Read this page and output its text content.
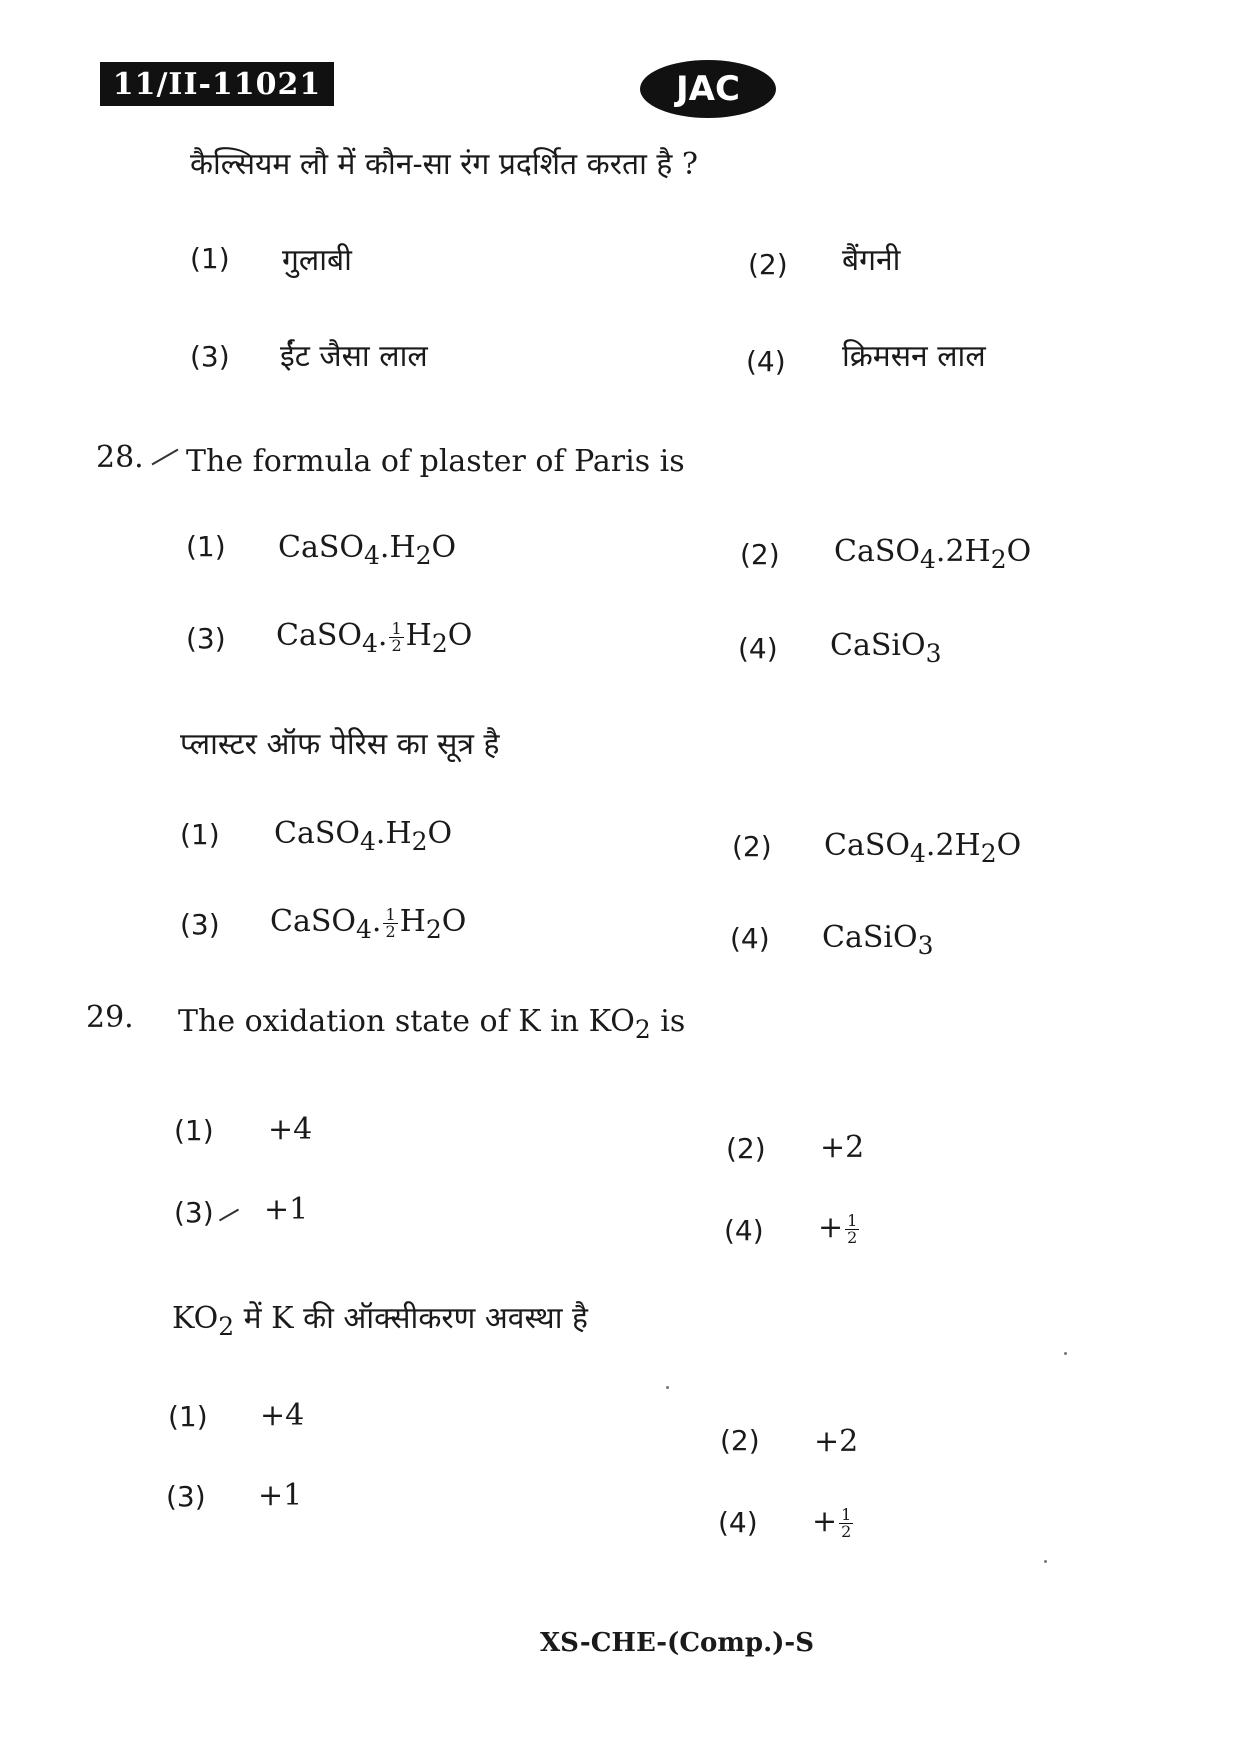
11/II-11021	JAC
कैल्सियम लौ में कौन-सा रंग प्रदर्शित करता है ?
(1) गुलाबी	(2) बैंगनी
(3) ईंट जैसा लाल	(4) क्रिमसन लाल
28. The formula of plaster of Paris is
(1) $CaSO_4.H_2O$	(2) $CaSO_4.2H_2O$
(3) CaSO$_4$. $\frac{1}{2} H_2O$	(4) CaSiO$_3$
प्लास्टर ऑफ पेरिस का सूत्र है
(1) $CaSO_4.H_2O$	(2) $CaSO_4.2H_2O$
(3) CaSO$_4$. $\frac{1}{2} H_2O$	(4) CaSiO$_3$
29. The oxidation state of K in $KO_2$ is
(1) +4
(2) +2
(3) +1
$(4) + \frac{1}{2}$
$KO_2$ में K की ऑक्सीकरण अवस्था है
(1) +4
(2) +2
(3) +1
$(4) + \frac{1}{2}$
XS-CHE-(Comp.)-S
